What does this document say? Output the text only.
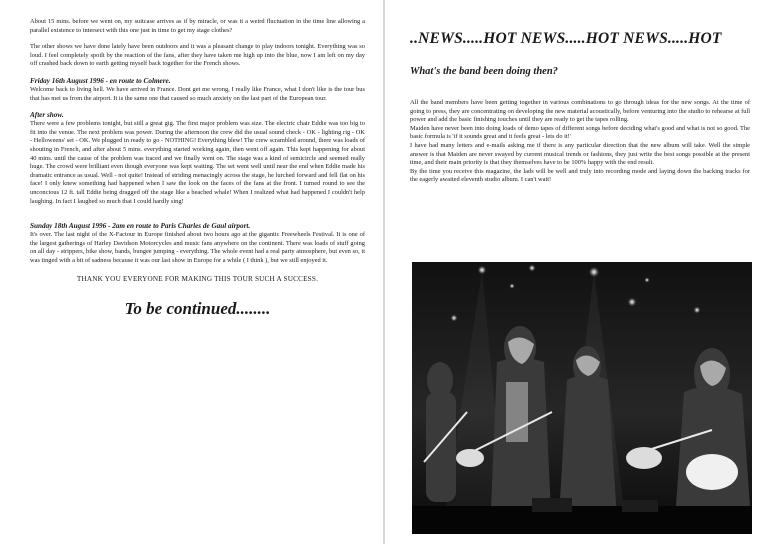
About 15 mins. before we went on, my suitcase arrives as if by miracle, or was it a weird fluctuation in the time line allowing a parallel existence to intersect with this one just in time to get my stage clothes?

The other shows we have done lately have been outdoors and it was a pleasant change to play indoors tonight. Everything was so loud. I feel completely spoilt by the reaction of the fans, after they have taken me high up into the blue, now I am left on my day off crashed back down to earth getting myself back together for the French shows.

Friday 16th August 1996 - en route to Colmere.

Welcome back to living hell. We have arrived in France. Dont get me wrong, I really like France, what I don't like is the tour bus that has met us from the airport. It is the same one that caused so much anxiety on the last part of the European tour.

After show.

There were a few problems tonight, but still a great gig. The first major problem was size. The electric chair Eddie was too big to fit into the venue. The next problem was power. During the afternoon the crew did the usual sound check - OK - lighting rig - OK - Helloweens' set - OK. We plugged in ready to go - NOTHING! Everything blew! The crew scrambled around, there was loads of shouting in French, and after about 5 mins. everything started working again, then went off again. This kept happening for about 40 mins. until the cause of the problem was traced and we finally went on. The stage was a kind of semicircle and seemed really huge. The crowd were brilliant even though everyone was kept waiting. The set went well until near the end when Eddie made his dramatic entrance as usual. Well - not quite! Instead of striding menacingly across the stage, he lurched forward and fell flat on his face! I only knew something had happened when I saw the look on the faces of the fans at the front. I turned round to see the unconcious 12 ft. tall Eddie being dragged off the stage like a beached whale! When I realized what had happened I couldn't help laughing. In fact I laughed so much that I could hardly sing!

Sunday 18th August 1996 - 2am en route to Paris Charles de Gaul airport.

It's over. The last night of the X-Factour in Europe finished about two hours ago at the gigantic Freewheels Festival. It is one of the largest gatherings of Harley Davidson Motorcycles and music fans anywhere on the continent. There was loads of stuff going on all day - strippers, bike show, bands, bungee jumping - everything. The whole event had a real party atmosphere, but even so, it was tinged with a bit of sadness because it was our last show in Europe for a while ( I think ), but we still enjoyed it.

THANK YOU EVERYONE FOR MAKING THIS TOUR SUCH A SUCCESS.
To be continued........
..NEWS.....HOT NEWS.....HOT NEWS.....HOT
What's the band been doing then?

All the band members have been getting together in various combinations to go through ideas for the new songs. At the time of going to press, they are concentrating on developing the new material acoustically, before venturing into the studio to rehearse at full power and add the basic finishing touches until they are ready to get the tapes rolling.

Maiden have never been into doing loads of demo tapes of different songs before deciding what's good and what is not so good. The basic formula is 'if it sounds great and it feels great - lets do it!'

I have had many letters and e-mails asking me if there is any particular direction that the new album will take. Well the simple answer is that Maiden are never swayed by current musical trends or fashions, they just write the best songs possible at the present time, and their main priority is that they themselves have to be 100% happy with the end result.

By the time you receive this magazine, the lads will be well and truly into recording mode and laying down the backing tracks for the eagerly awaited eleventh studio album. I can't wait!
